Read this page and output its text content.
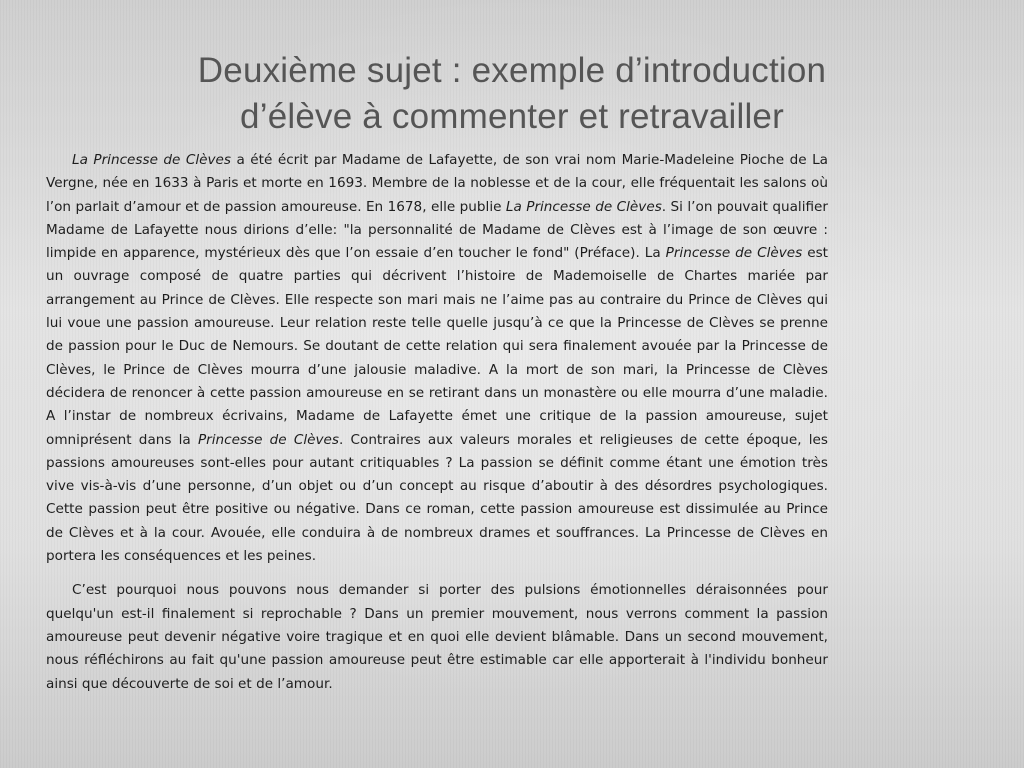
Deuxième sujet : exemple d’introduction
d’élève à commenter et retravailler

La Princesse de Clèves a été écrit par Madame de Lafayette, de son vrai nom Marie-Madeleine Pioche de La Vergne, née en 1633 à Paris et morte en 1693. Membre de la noblesse et de la cour, elle fréquentait les salons où l’on parlait d’amour et de passion amoureuse. En 1678, elle publie La Princesse de Clèves. Si l’on pouvait qualifier Madame de Lafayette nous dirions d’elle: "la personnalité de Madame de Clèves est à l’image de son œuvre : limpide en apparence, mystérieux dès que l’on essaie d’en toucher le fond" (Préface). La Princesse de Clèves est un ouvrage composé de quatre parties qui décrivent l’histoire de Mademoiselle de Chartes mariée par arrangement au Prince de Clèves. Elle respecte son mari mais ne l’aime pas au contraire du Prince de Clèves qui lui voue une passion amoureuse. Leur relation reste telle quelle jusqu’à ce que la Princesse de Clèves se prenne de passion pour le Duc de Nemours. Se doutant de cette relation qui sera finalement avouée par la Princesse de Clèves, le Prince de Clèves mourra d’une jalousie maladive. A la mort de son mari, la Princesse de Clèves décidera de renoncer à cette passion amoureuse en se retirant dans un monastère ou elle mourra d’une maladie. A l’instar de nombreux écrivains, Madame de Lafayette émet une critique de la passion amoureuse, sujet omniprésent dans la Princesse de Clèves. Contraires aux valeurs morales et religieuses de cette époque, les passions amoureuses sont-elles pour autant critiquables ? La passion se définit comme étant une émotion très vive vis-à-vis d’une personne, d’un objet ou d’un concept au risque d’aboutir à des désordres psychologiques. Cette passion peut être positive ou négative. Dans ce roman, cette passion amoureuse est dissimulée au Prince de Clèves et à la cour. Avouée, elle conduira à de nombreux drames et souffrances. La Princesse de Clèves en portera les conséquences et les peines.

C’est pourquoi nous pouvons nous demander si porter des pulsions émotionnelles déraisonnées pour quelqu'un est-il finalement si reprochable ? Dans un premier mouvement, nous verrons comment la passion amoureuse peut devenir négative voire tragique et en quoi elle devient blâmable. Dans un second mouvement, nous réfléchirons au fait qu'une passion amoureuse peut être estimable car elle apporterait à l'individu bonheur ainsi que découverte de soi et de l’amour.
